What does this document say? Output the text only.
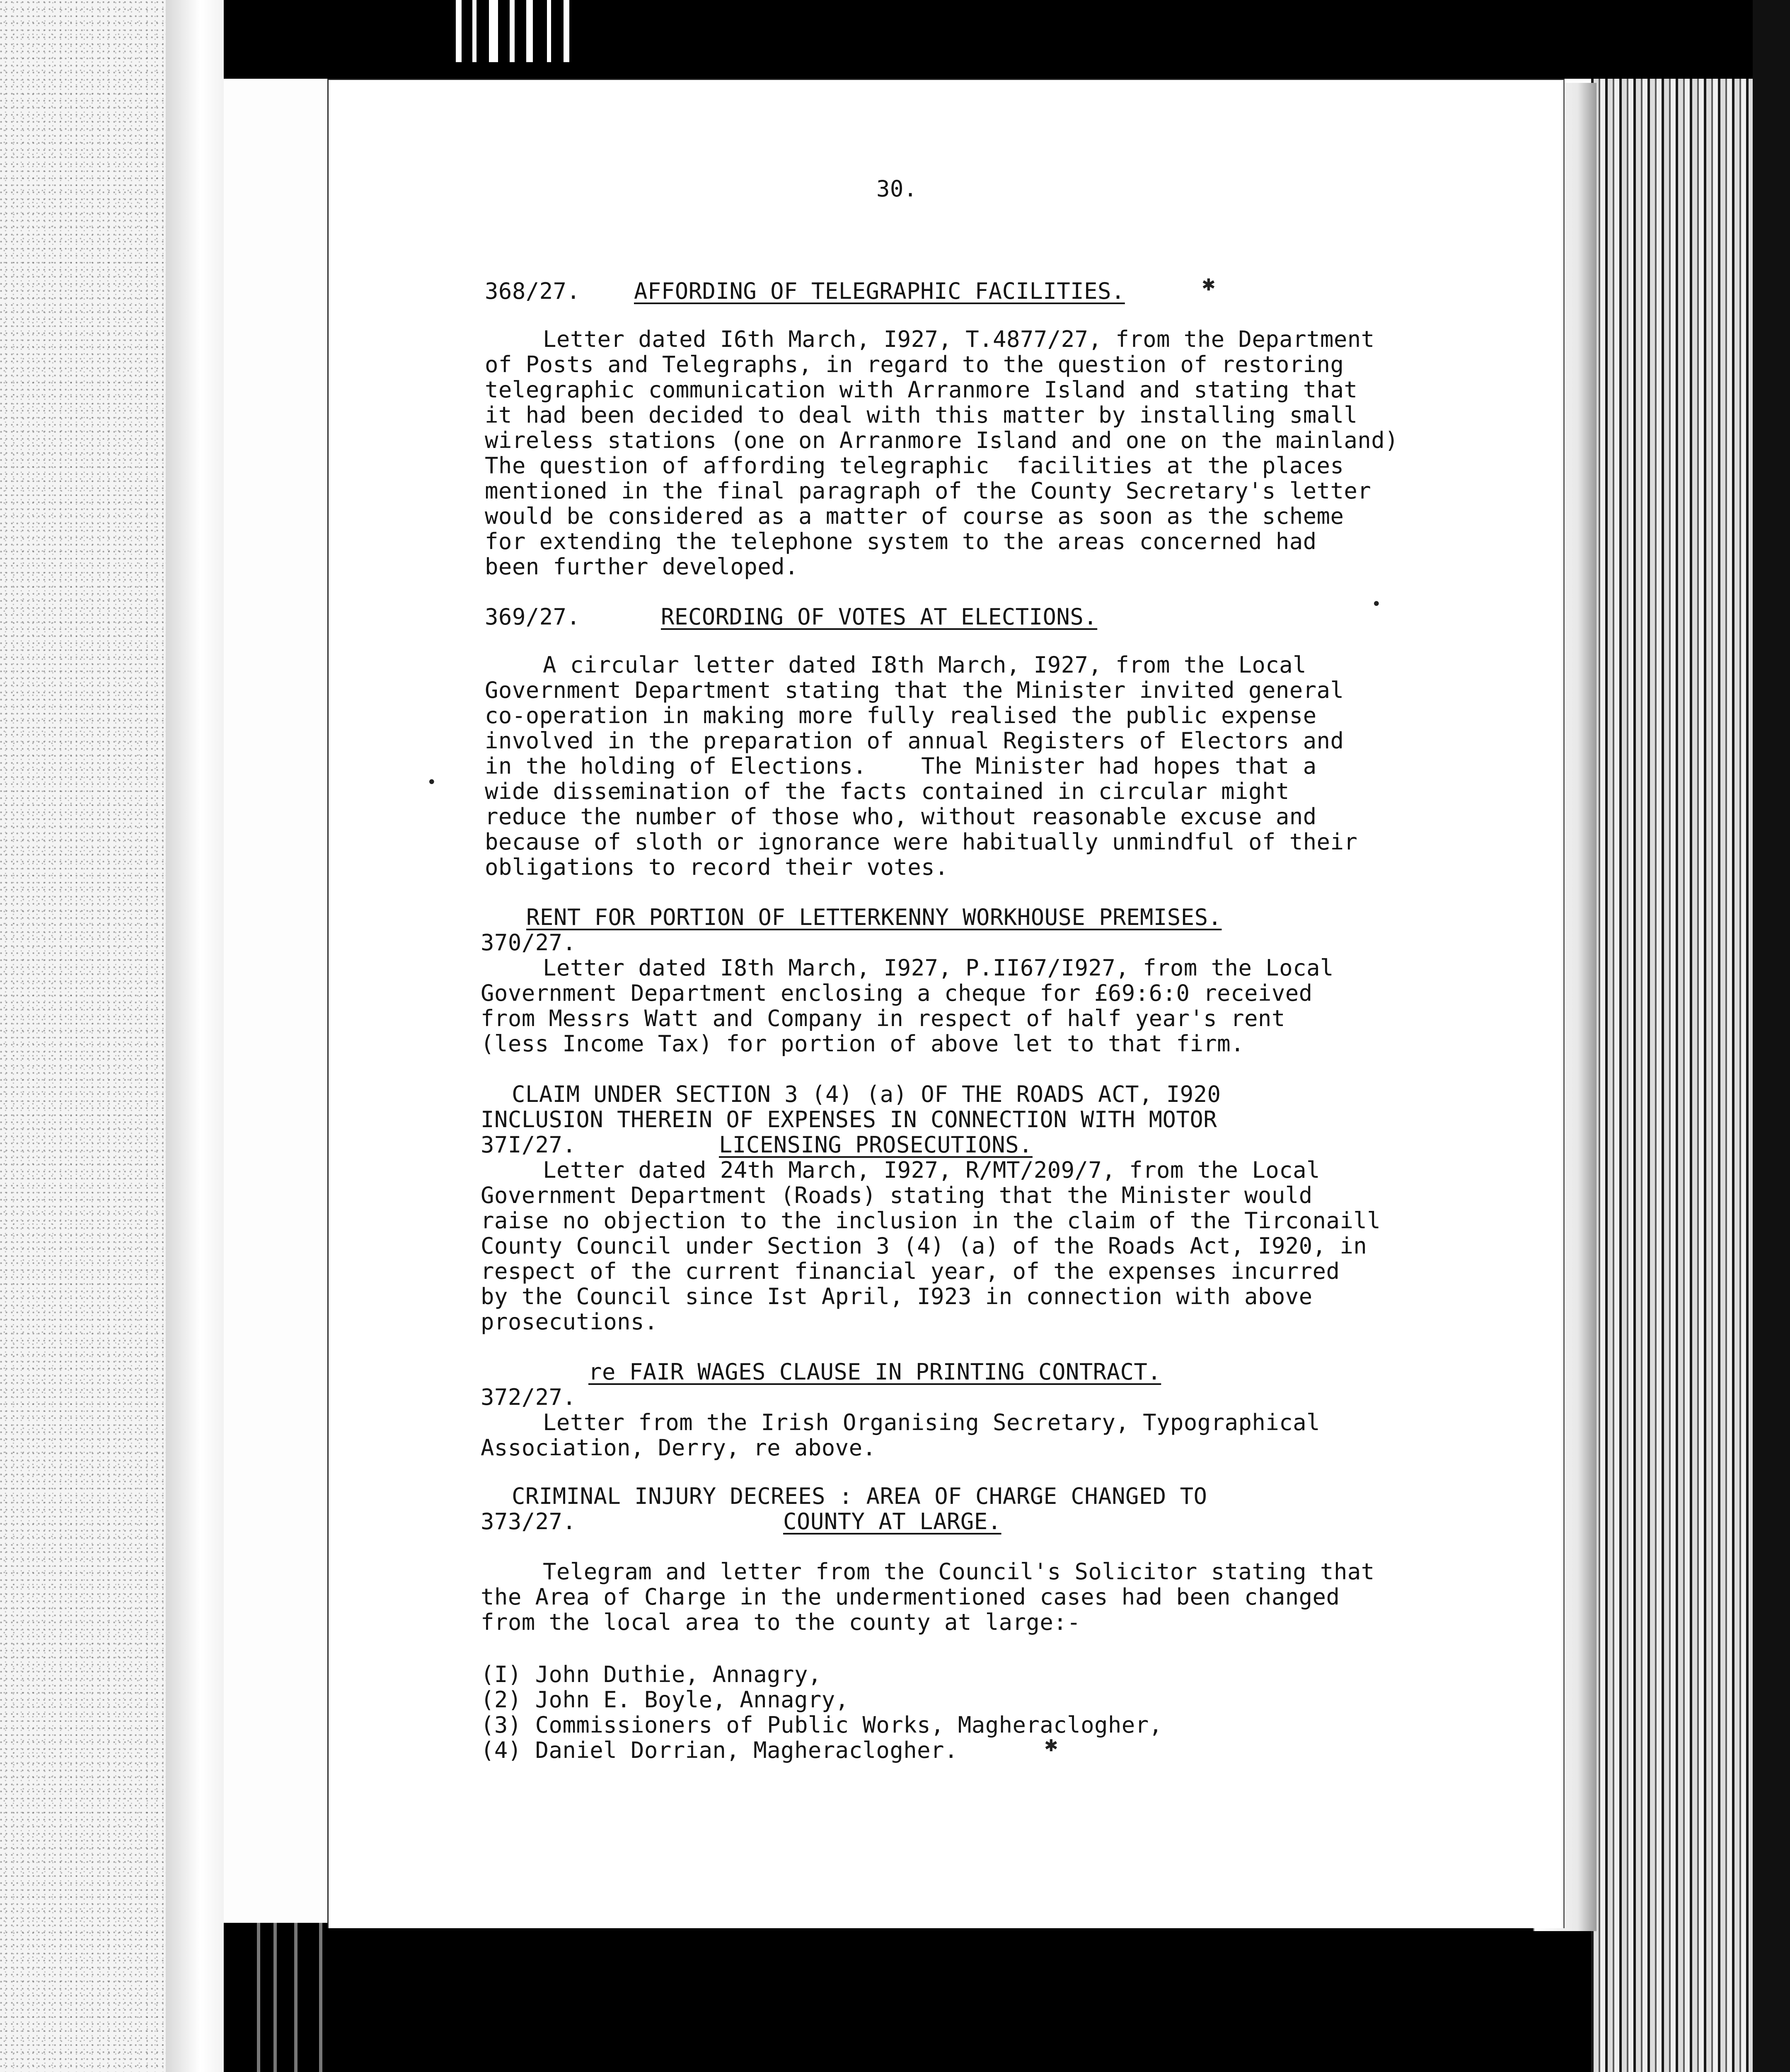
30.

368/27. AFFORDING OF TELEGRAPHIC FACILITIES.

Letter dated I6th March, I927, T.4877/27, from the Department

of Posts and Telegraphs, in regard to the question of restoring

telegraphic communication with Arranmore Island and stating that

it had been decided to deal with this matter by installing small

wireless stations (one on Arranmore Island and one on the mainland)

The question of affording telegraphic  facilities at the places

mentioned in the final paragraph of the County Secretary's letter

would be considered as a matter of course as soon as the scheme

for extending the telephone system to the areas concerned had

been further developed.

369/27.	RECORDING OF VOTES AT ELECTIONS.

A circular letter dated I8th March, I927, from the Local

Government Department stating that the Minister invited general

co-operation in making more fully realised the public expense

involved in the preparation of annual Registers of Electors and

in the holding of Elections.    The Minister had hopes that a

wide dissemination of the facts contained in circular might

reduce the number of those who, without reasonable excuse and

because of sloth or ignorance were habitually unmindful of their

obligations to record their votes.

RENT FOR PORTION OF LETTERKENNY WORKHOUSE PREMISES.

370/27.

Letter dated I8th March, I927, P.II67/I927, from the Local

Government Department enclosing a cheque for £69:6:0 received

from Messrs Watt and Company in respect of half year's rent

(less Income Tax) for portion of above let to that firm.

CLAIM UNDER SECTION 3 (4) (a) OF THE ROADS ACT, I920

INCLUSION THEREIN OF EXPENSES IN CONNECTION WITH MOTOR

37I/27.	LICENSING PROSECUTIONS.

Letter dated 24th March, I927, R/MT/209/7, from the Local

Government Department (Roads) stating that the Minister would

raise no objection to the inclusion in the claim of the Tirconaill

County Council under Section 3 (4) (a) of the Roads Act, I920, in

respect of the current financial year, of the expenses incurred

by the Council since Ist April, I923 in connection with above

prosecutions.

re FAIR WAGES CLAUSE IN PRINTING CONTRACT.

372/27.

Letter from the Irish Organising Secretary, Typographical

Association, Derry, re above.

CRIMINAL INJURY DECREES : AREA OF CHARGE CHANGED TO

373/27.	COUNTY AT LARGE.

Telegram and letter from the Council's Solicitor stating that

the Area of Charge in the undermentioned cases had been changed

from the local area to the county at large:-

(I) John Duthie, Annagry,

(2) John E. Boyle, Annagry,

(3) Commissioners of Public Works, Magheraclogher,

(4) Daniel Dorrian, Magheraclogher.

✱
✱
•
•
